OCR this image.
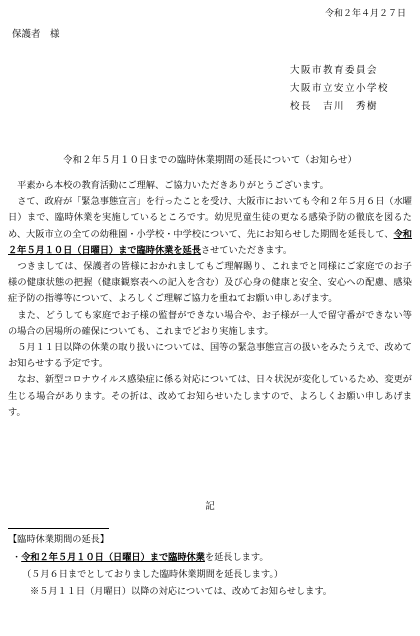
令和２年４月２７日
保護者　様
大阪市教育委員会
大阪市立安立小学校
校長　吉川　秀樹
令和２年５月１０日までの臨時休業期間の延長について（お知らせ）

　平素から本校の教育活動にご理解、ご協力いただきありがとうございます。

　さて、政府が「緊急事態宣言」を行ったことを受け、大阪市においても令和２年５月６日（水曜日）まで、臨時休業を実施しているところです。幼児児童生徒の更なる感染予防の徹底を図るため、大阪市立の全ての幼稚園・小学校・中学校について、先にお知らせした期間を延長して、令和２年５月１０日（日曜日）まで臨時休業を延長させていただきます。

　つきましては、保護者の皆様におかれましてもご理解賜り、これまでと同様にご家庭でのお子様の健康状態の把握（健康観察表への記入を含む）及び心身の健康と安全、安心への配慮、感染症予防の指導等について、よろしくご理解ご協力を重ねてお願い申しあげます。

　また、どうしても家庭でお子様の監督ができない場合や、お子様が一人で留守番ができない等の場合の居場所の確保についても、これまでどおり実施します。

　５月１１日以降の休業の取り扱いについては、国等の緊急事態宣言の扱いをみたうえで、改めてお知らせする予定です。

　なお、新型コロナウイルス感染症に係る対応については、日々状況が変化しているため、変更が生じる場合があります。その折は、改めてお知らせいたしますので、よろしくお願い申しあげます。

記
【臨時休業期間の延長】

・令和２年５月１０日（日曜日）まで臨時休業を延長します。

（５月６日までとしておりました臨時休業期間を延長します。）

※５月１１日（月曜日）以降の対応については、改めてお知らせします。
